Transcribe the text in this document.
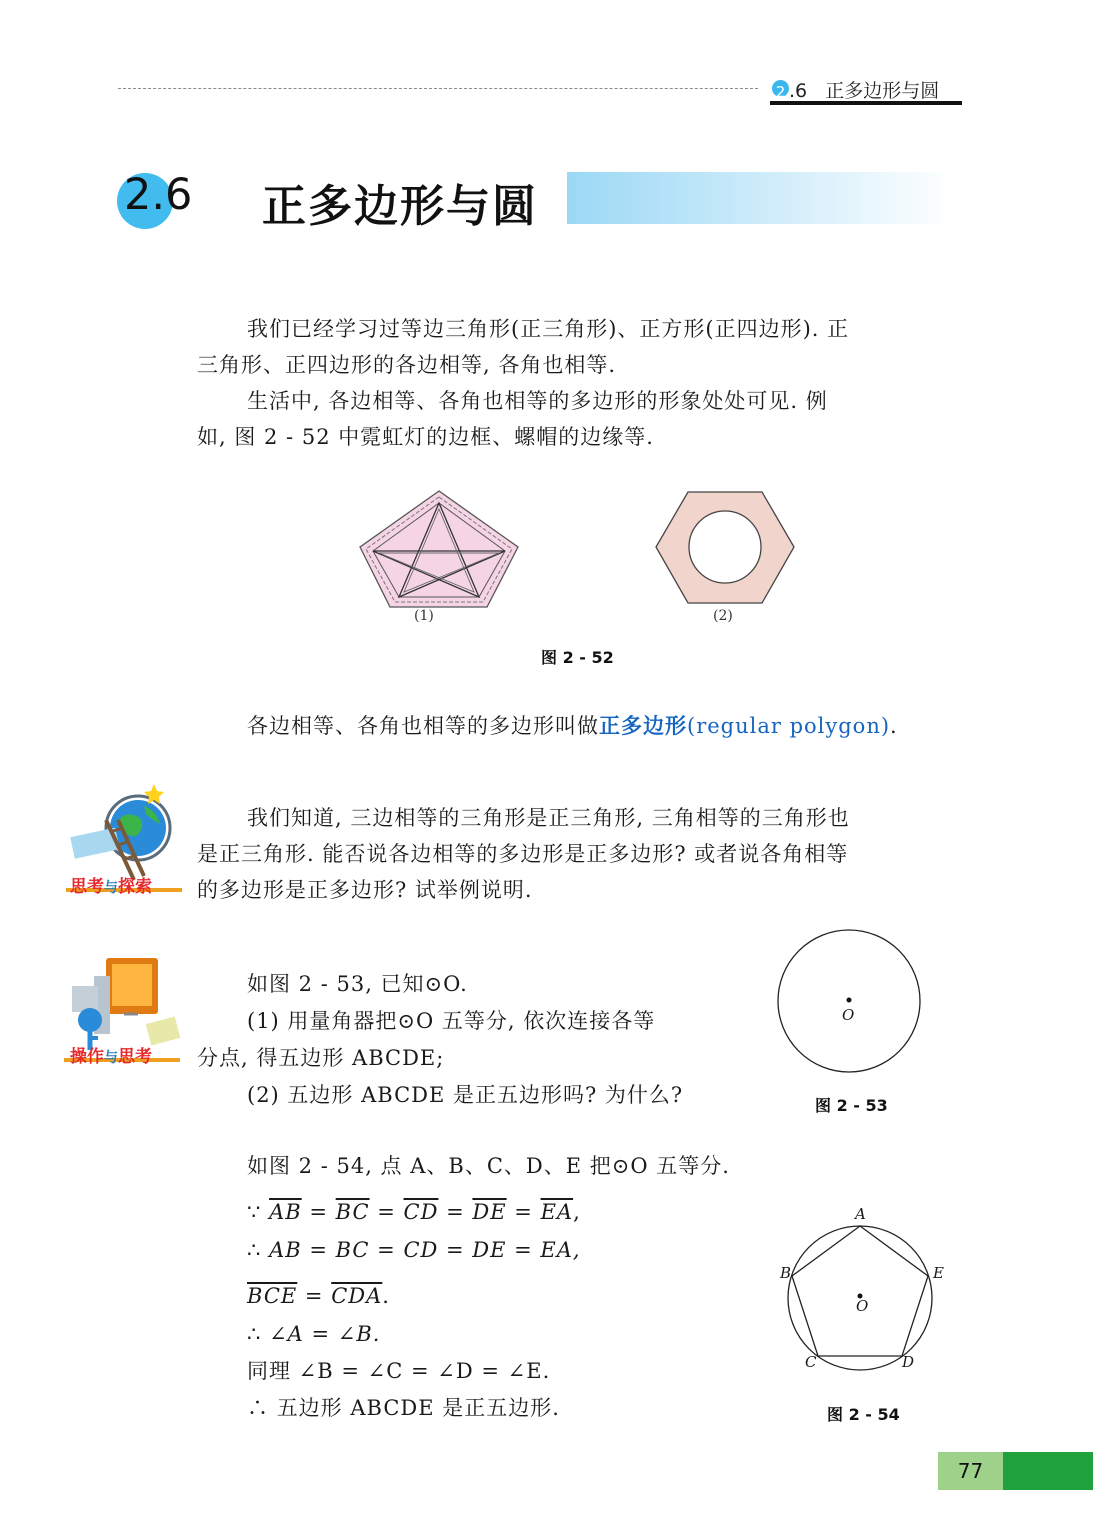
2 .6 正多边形与圆
2.6 正多边形与圆
我们已经学习过等边三角形(正三角形)、正方形(正四边形). 正
三角形、正四边形的各边相等, 各角也相等.
生活中, 各边相等、各角也相等的多边形的形象处处可见. 例
如, 图 2 - 52 中霓虹灯的边框、螺帽的边缘等.
(1)	(2)
图 2 - 52
各边相等、各角也相等的多边形叫做正多边形(regular polygon).
思考与探索
我们知道, 三边相等的三角形是正三角形, 三角相等的三角形也
是正三角形. 能否说各边相等的多边形是正多边形? 或者说各角相等
的多边形是正多边形? 试举例说明.
操作与思考
如图 2 - 53, 已知⊙O.
(1) 用量角器把⊙O 五等分, 依次连接各等
分点, 得五边形 ABCDE;
(2) 五边形 ABCDE 是正五边形吗? 为什么?
O
图 2 - 53
如图 2 - 54, 点 A、B、C、D、E 把⊙O 五等分.
∵ $\overline{AB} = \overline{BC} = \overline{CD} = \overline{DE} = \overline{EA}$,
∴ AB = BC = CD = DE = EA,
$\overline{BCE} = \overline{CDA}$.
∴ ∠A = ∠B.
同理 ∠B = ∠C = ∠D = ∠E.
∴ 五边形 ABCDE 是正五边形.
A
B	E
C	D
O
图 2 - 54
77
